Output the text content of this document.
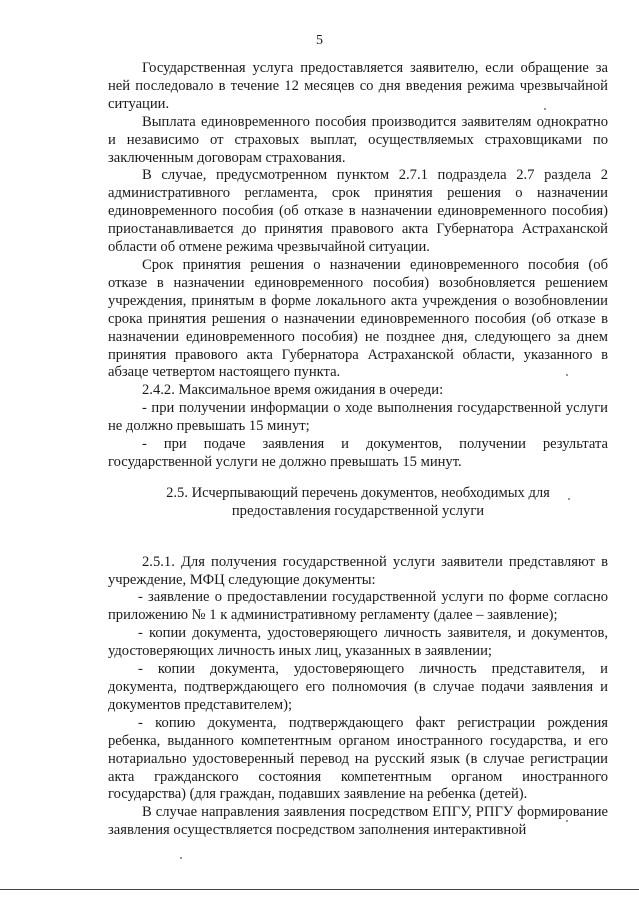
5

Государственная услуга предоставляется заявителю, если обращение за ней последовало в течение 12 месяцев со дня введения режима чрезвычайной ситуации.

Выплата единовременного пособия производится заявителям однократно и независимо от страховых выплат, осуществляемых страховщиками по заключенным договорам страхования.

В случае, предусмотренном пунктом 2.7.1 подраздела 2.7 раздела 2 административного регламента, срок принятия решения о назначении единовременного пособия (об отказе в назначении единовременного пособия) приостанавливается до принятия правового акта Губернатора Астраханской области об отмене режима чрезвычайной ситуации.

Срок принятия решения о назначении единовременного пособия (об отказе в назначении единовременного пособия) возобновляется решением учреждения, принятым в форме локального акта учреждения о возобновлении срока принятия решения о назначении единовременного пособия (об отказе в назначении единовременного пособия) не позднее дня, следующего за днем принятия правового акта Губернатора Астраханской области, указанного в абзаце четвертом настоящего пункта.

2.4.2. Максимальное время ожидания в очереди:

- при получении информации о ходе выполнения государственной услуги не должно превышать 15 минут;

- при подаче заявления и документов, получении результата государственной услуги не должно превышать 15 минут.

2.5. Исчерпывающий перечень документов, необходимых для предоставления государственной услуги

2.5.1. Для получения государственной услуги заявители представляют в учреждение, МФЦ следующие документы:

- заявление о предоставлении государственной услуги по форме согласно приложению № 1 к административному регламенту (далее – заявление);

- копии документа, удостоверяющего личность заявителя, и документов, удостоверяющих личность иных лиц, указанных в заявлении;

- копии документа, удостоверяющего личность представителя, и документа, подтверждающего его полномочия (в случае подачи заявления и документов представителем);

- копию документа, подтверждающего факт регистрации рождения ребенка, выданного компетентным органом иностранного государства, и его нотариально удостоверенный перевод на русский язык (в случае регистрации акта гражданского состояния компетентным органом иностранного государства) (для граждан, подавших заявление на ребенка (детей).

В случае направления заявления посредством ЕПГУ, РПГУ формирование заявления осуществляется посредством заполнения интерактивной
